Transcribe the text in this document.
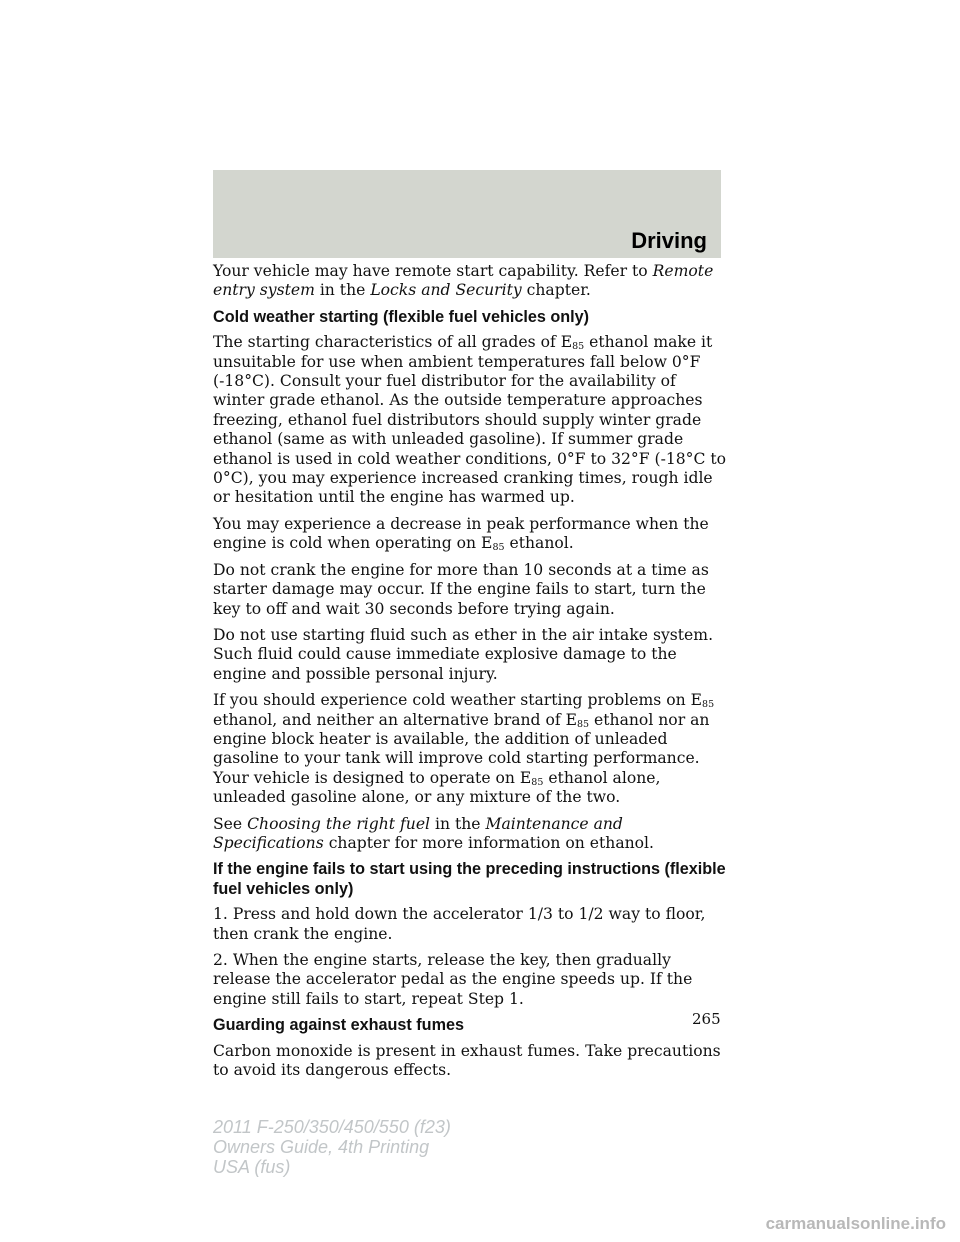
Driving

Your vehicle may have remote start capability. Refer to Remote entry system in the Locks and Security chapter.

Cold weather starting (flexible fuel vehicles only)

The starting characteristics of all grades of $E_{85}$ ethanol make it unsuitable for use when ambient temperatures fall below 0°F (-18°C). Consult your fuel distributor for the availability of winter grade ethanol. As the outside temperature approaches freezing, ethanol fuel distributors should supply winter grade ethanol (same as with unleaded gasoline). If summer grade ethanol is used in cold weather conditions, 0°F to 32°F (-18°C to 0°C), you may experience increased cranking times, rough idle or hesitation until the engine has warmed up.

You may experience a decrease in peak performance when the engine is cold when operating on $E_{85}$ ethanol.

Do not crank the engine for more than 10 seconds at a time as starter damage may occur. If the engine fails to start, turn the key to off and wait 30 seconds before trying again.

Do not use starting fluid such as ether in the air intake system. Such fluid could cause immediate explosive damage to the engine and possible personal injury.

If you should experience cold weather starting problems on $E_{85}$ ethanol, and neither an alternative brand of $E_{85}$ ethanol nor an engine block heater is available, the addition of unleaded gasoline to your tank will improve cold starting performance. Your vehicle is designed to operate on $E_{85}$ ethanol alone, unleaded gasoline alone, or any mixture of the two.

See Choosing the right fuel in the Maintenance and Specifications chapter for more information on ethanol.

If the engine fails to start using the preceding instructions (flexible fuel vehicles only)

1. Press and hold down the accelerator 1/3 to 1/2 way to floor, then crank the engine.

2. When the engine starts, release the key, then gradually release the accelerator pedal as the engine speeds up. If the engine still fails to start, repeat Step 1.

Guarding against exhaust fumes

Carbon monoxide is present in exhaust fumes. Take precautions to avoid its dangerous effects.

265
2011 F-250/350/450/550 (f23)
Owners Guide, 4th Printing
USA (fus)
carmanualsonline.info
